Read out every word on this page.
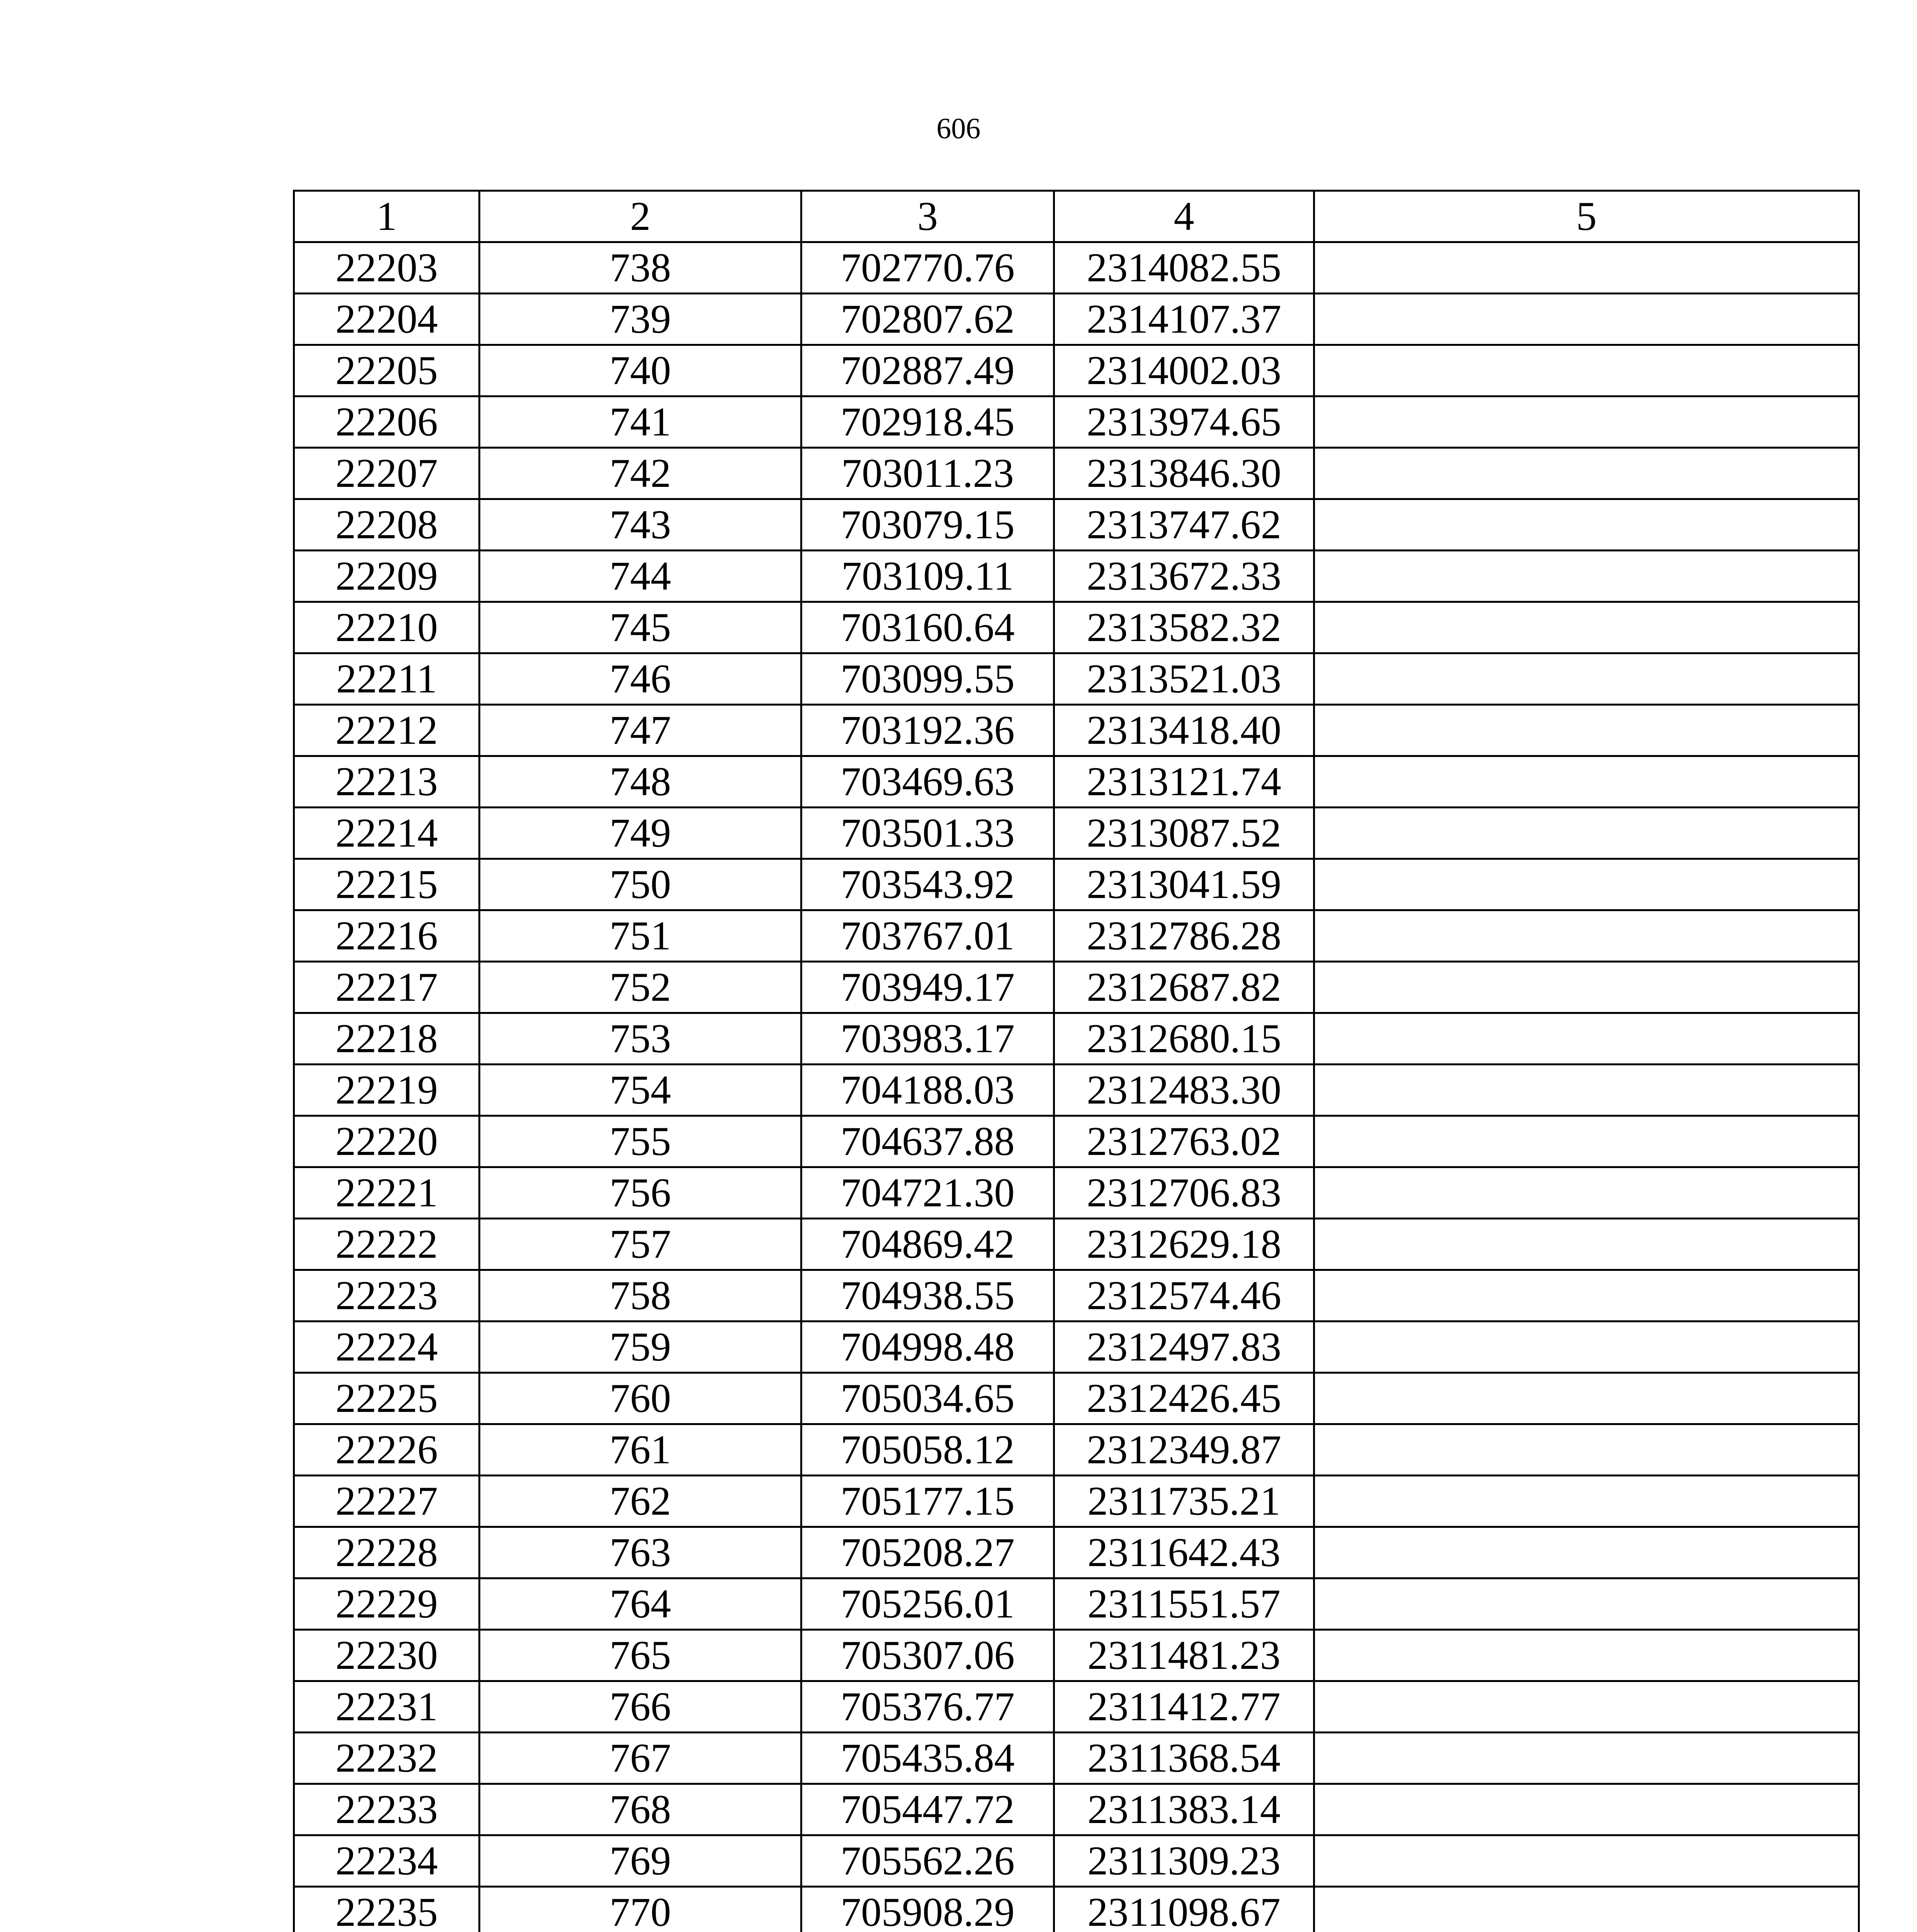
606
1	2	3	4	5
22203	738	702770.76	2314082.55	
22204	739	702807.62	2314107.37	
22205	740	702887.49	2314002.03	
22206	741	702918.45	2313974.65	
22207	742	703011.23	2313846.30	
22208	743	703079.15	2313747.62	
22209	744	703109.11	2313672.33	
22210	745	703160.64	2313582.32	
22211	746	703099.55	2313521.03	
22212	747	703192.36	2313418.40	
22213	748	703469.63	2313121.74	
22214	749	703501.33	2313087.52	
22215	750	703543.92	2313041.59	
22216	751	703767.01	2312786.28	
22217	752	703949.17	2312687.82	
22218	753	703983.17	2312680.15	
22219	754	704188.03	2312483.30	
22220	755	704637.88	2312763.02	
22221	756	704721.30	2312706.83	
22222	757	704869.42	2312629.18	
22223	758	704938.55	2312574.46	
22224	759	704998.48	2312497.83	
22225	760	705034.65	2312426.45	
22226	761	705058.12	2312349.87	
22227	762	705177.15	2311735.21	
22228	763	705208.27	2311642.43	
22229	764	705256.01	2311551.57	
22230	765	705307.06	2311481.23	
22231	766	705376.77	2311412.77	
22232	767	705435.84	2311368.54	
22233	768	705447.72	2311383.14	
22234	769	705562.26	2311309.23	
22235	770	705908.29	2311098.67	
